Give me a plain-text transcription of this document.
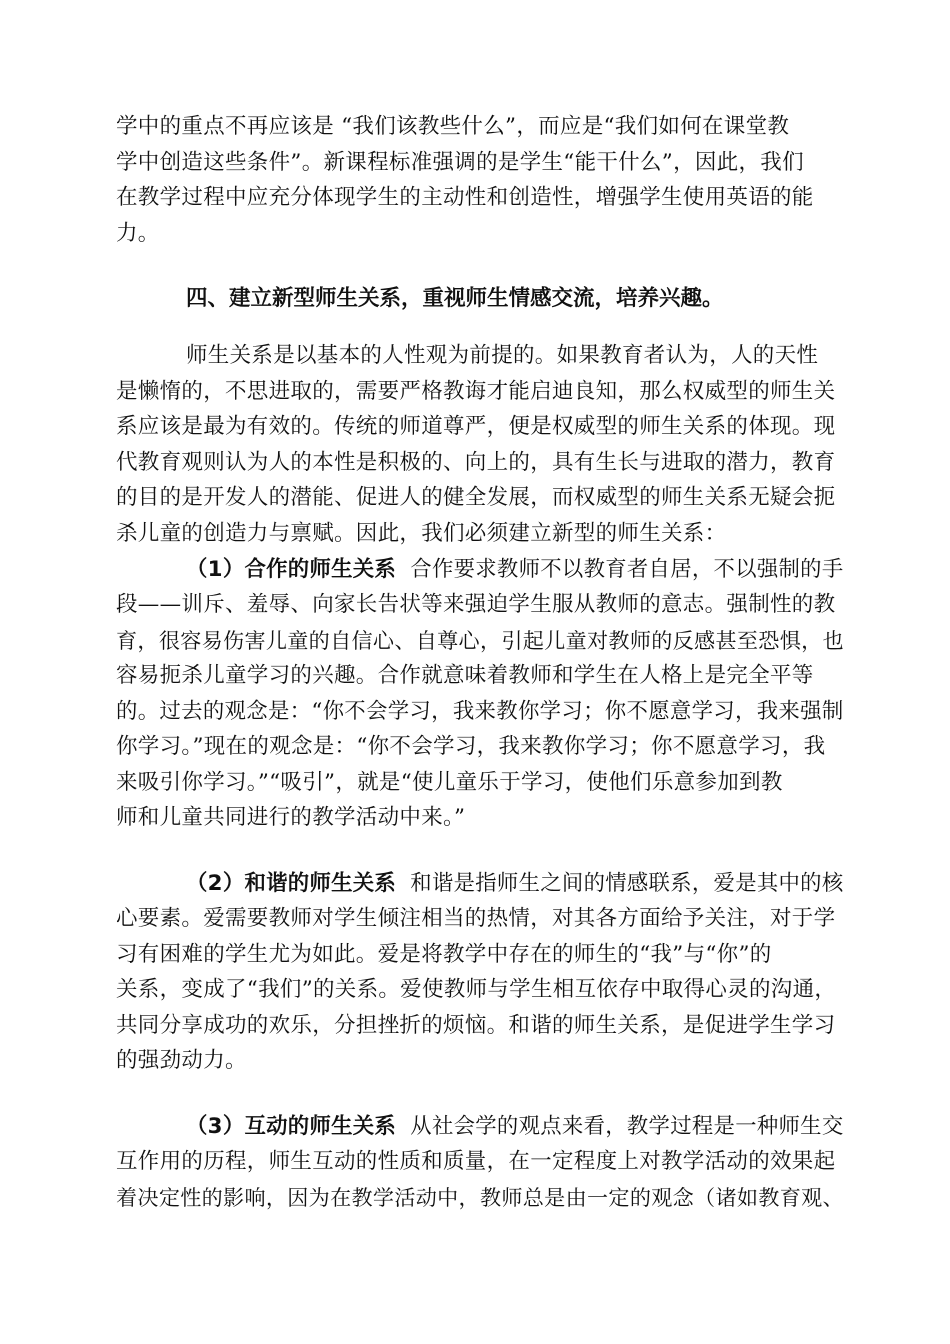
学中的重点不再应该是 “我们该教些什么”，而应是“我们如何在课堂教
学中创造这些条件”。新课程标准强调的是学生“能干什么”，因此，我们
在教学过程中应充分体现学生的主动性和创造性，增强学生使用英语的能
力。
四、建立新型师生关系，重视师生情感交流，培养兴趣。
师生关系是以基本的人性观为前提的。如果教育者认为，人的天性
是懒惰的，不思进取的，需要严格教诲才能启迪良知，那么权威型的师生关
系应该是最为有效的。传统的师道尊严，便是权威型的师生关系的体现。现
代教育观则认为人的本性是积极的、向上的，具有生长与进取的潜力，教育
的目的是开发人的潜能、促进人的健全发展，而权威型的师生关系无疑会扼
杀儿童的创造力与禀赋。因此，我们必须建立新型的师生关系：
（1）合作的师生关系 合作要求教师不以教育者自居，不以强制的手
段——训斥、羞辱、向家长告状等来强迫学生服从教师的意志。强制性的教
育，很容易伤害儿童的自信心、自尊心，引起儿童对教师的反感甚至恐惧，也
容易扼杀儿童学习的兴趣。合作就意味着教师和学生在人格上是完全平等
的。过去的观念是：“你不会学习，我来教你学习；你不愿意学习，我来强制
你学习。”现在的观念是：“你不会学习，我来教你学习；你不愿意学习，我
来吸引你学习。”“吸引”，就是“使儿童乐于学习，使他们乐意参加到教
师和儿童共同进行的教学活动中来。”
（2）和谐的师生关系 和谐是指师生之间的情感联系，爱是其中的核
心要素。爱需要教师对学生倾注相当的热情，对其各方面给予关注，对于学
习有困难的学生尤为如此。爱是将教学中存在的师生的“我”与“你”的
关系，变成了“我们”的关系。爱使教师与学生相互依存中取得心灵的沟通，
共同分享成功的欢乐，分担挫折的烦恼。和谐的师生关系，是促进学生学习
的强劲动力。
（3）互动的师生关系 从社会学的观点来看，教学过程是一种师生交
互作用的历程，师生互动的性质和质量，在一定程度上对教学活动的效果起
着决定性的影响，因为在教学活动中，教师总是由一定的观念（诸如教育观、
